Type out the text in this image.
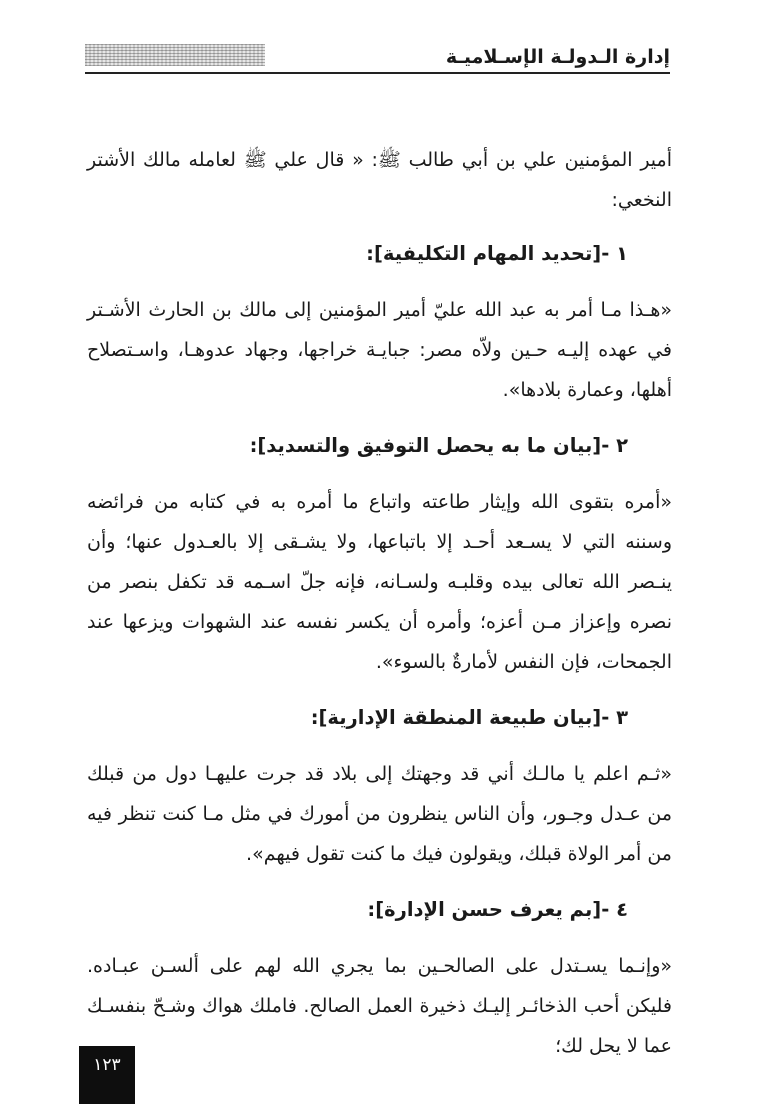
إدارة الـدولـة الإسـلاميـة

أمير المؤمنين علي بن أبي طالب ﷺ: « قال علي ﷺ لعامله مالك الأشتر النخعي:

١ -[تحديد المهام التكليفية]:

«هـذا مـا أمر به عبد الله عليّ أمير المؤمنين إلى مالك بن الحارث الأشـتر في عهده إليـه حـين ولاّه مصر: جبايـة خراجها، وجهاد عدوهـا، واسـتصلاح أهلها، وعمارة بلادها».

٢ -[بيان ما به يحصل التوفيق والتسديد]:

«أمره بتقوى الله وإيثار طاعته واتباع ما أمره به في كتابه من فرائضه وسننه التي لا يسـعد أحـد إلا باتباعها، ولا يشـقى إلا بالعـدول عنها؛ وأن ينـصر الله تعالى بيده وقلبـه ولسـانه، فإنه جلّ اسـمه قد تكفل بنصر من نصره وإعزاز مـن أعزه؛ وأمره أن يكسر نفسه عند الشهوات ويزعها عند الجمحات، فإن النفس لأمارةٌ بالسوء».

٣ -[بيان طبيعة المنطقة الإدارية]:

«ثـم اعلم يا مالـك أني قد وجهتك إلى بلاد قد جرت عليهـا دول من قبلك من عـدل وجـور، وأن الناس ينظرون من أمورك في مثل مـا كنت تنظر فيه من أمر الولاة قبلك، ويقولون فيك ما كنت تقول فيهم».

٤ -[بم يعرف حسن الإدارة]:

«وإنـما يسـتدل على الصالحـين بما يجري الله لهم على ألسـن عبـاده. فليكن أحب الذخائـر إليـك ذخيرة العمل الصالح. فاملك هواك وشـحّ بنفسـك عما لا يحل لك؛

١٢٣
